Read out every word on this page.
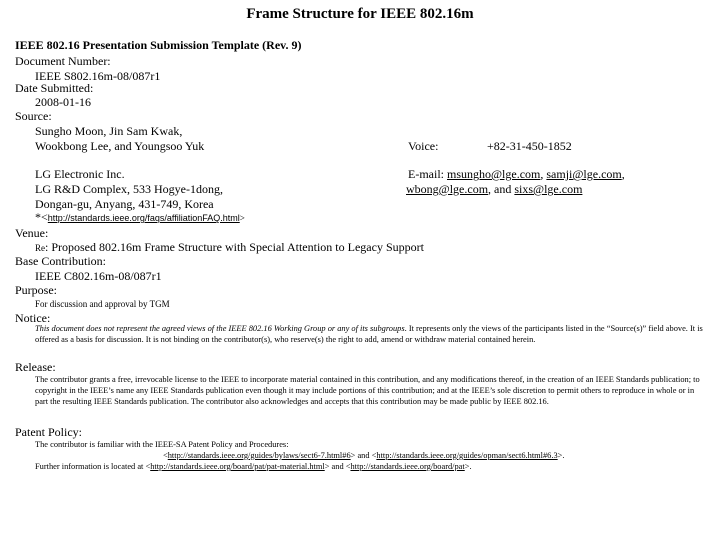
Frame Structure for IEEE 802.16m
IEEE 802.16 Presentation Submission Template (Rev. 9)
Document Number:
IEEE S802.16m-08/087r1
Date Submitted:
2008-01-16
Source:
Sungho Moon, Jin Sam Kwak,
Wookbong Lee, and Youngsoo Yuk	Voice:	+82-31-450-1852
LG Electronic Inc.
LG R&D Complex, 533 Hogye-1dong,
Dongan-gu, Anyang, 431-749, Korea
E-mail: msungho@lge.com, samji@lge.com,
wbong@lge.com, and sixs@lge.com
*<http://standards.ieee.org/faqs/affiliationFAQ.html>
Venue:
Re: Proposed 802.16m Frame Structure with Special Attention to Legacy Support
Base Contribution:
IEEE C802.16m-08/087r1
Purpose:
For discussion and approval by TGM
Notice:
This document does not represent the agreed views of the IEEE 802.16 Working Group or any of its subgroups. It represents only the views of the participants listed in the “Source(s)” field above. It is offered as a basis for discussion. It is not binding on the contributor(s), who reserve(s) the right to add, amend or withdraw material contained herein.
Release:
The contributor grants a free, irrevocable license to the IEEE to incorporate material contained in this contribution, and any modifications thereof, in the creation of an IEEE Standards publication; to copyright in the IEEE’s name any IEEE Standards publication even though it may include portions of this contribution; and at the IEEE’s sole discretion to permit others to reproduce in whole or in part the resulting IEEE Standards publication. The contributor also acknowledges and accepts that this contribution may be made public by IEEE 802.16.
Patent Policy:
The contributor is familiar with the IEEE-SA Patent Policy and Procedures:
<http://standards.ieee.org/guides/bylaws/sect6-7.html#6> and <http://standards.ieee.org/guides/opman/sect6.html#6.3>.
Further information is located at <http://standards.ieee.org/board/pat/pat-material.html> and <http://standards.ieee.org/board/pat>.
